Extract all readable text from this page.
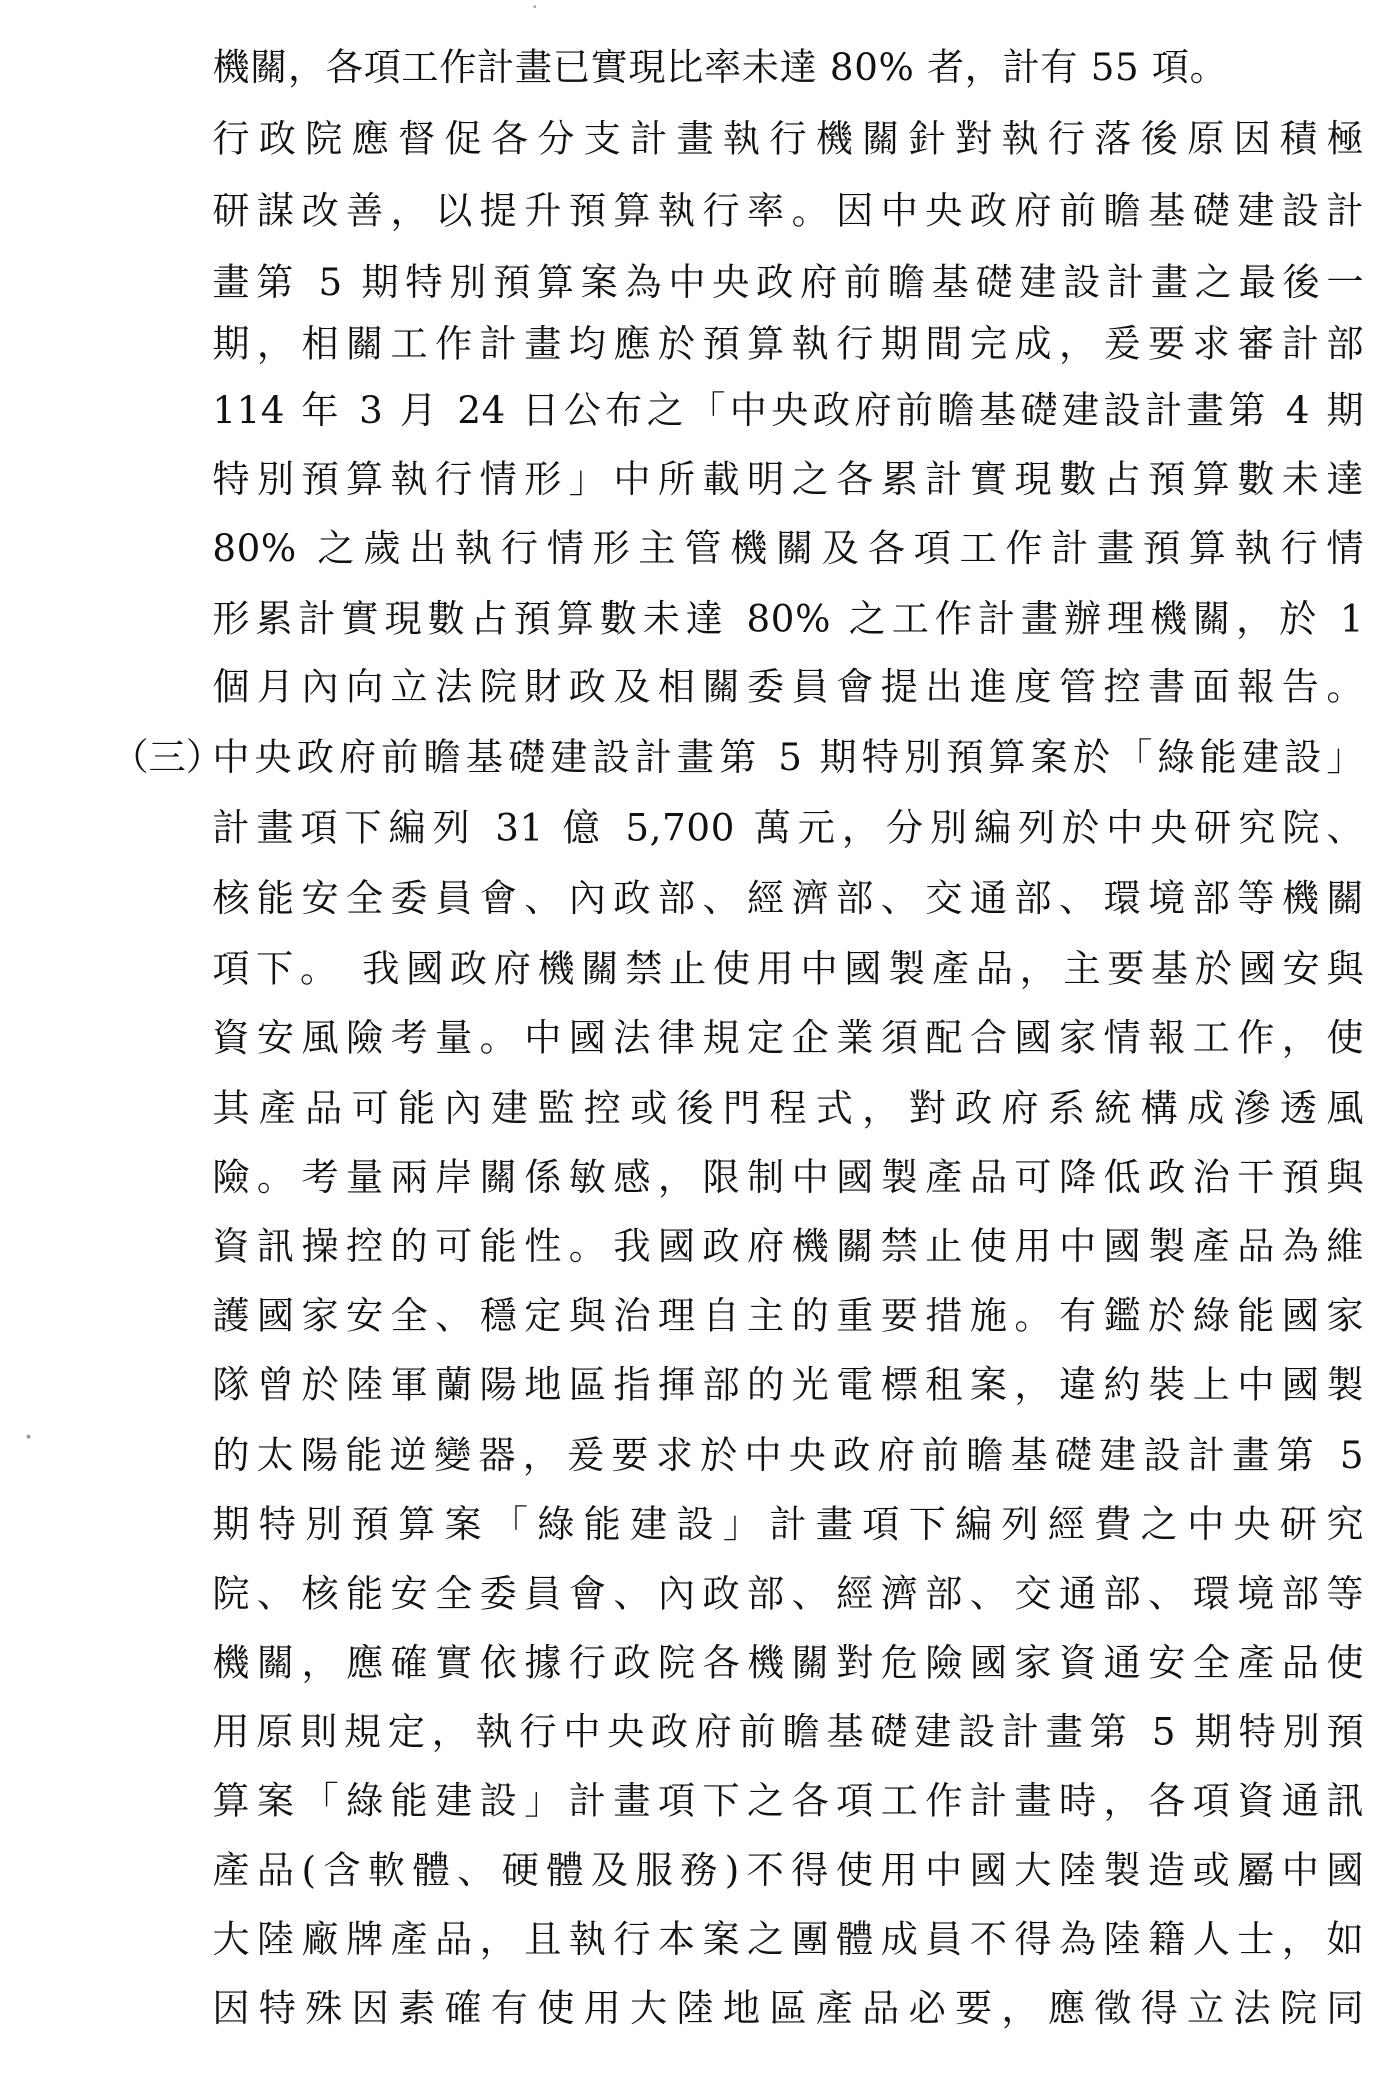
機關，各項工作計畫已實現比率未達 80% 者，計有 55 項。
行政院應督促各分支計畫執行機關針對執行落後原因積極
研謀改善，以提升預算執行率。因中央政府前瞻基礎建設計
畫第 5 期特別預算案為中央政府前瞻基礎建設計畫之最後一
期，相關工作計畫均應於預算執行期間完成，爰要求審計部
114 年 3 月 24 日公布之「中央政府前瞻基礎建設計畫第 4 期
特別預算執行情形」中所載明之各累計實現數占預算數未達
80% 之歲出執行情形主管機關及各項工作計畫預算執行情
形累計實現數占預算數未達 80% 之工作計畫辦理機關，於 1
個月內向立法院財政及相關委員會提出進度管控書面報告。
（三）
中央政府前瞻基礎建設計畫第 5 期特別預算案於「綠能建設」
計畫項下編列 31 億 5,700 萬元，分別編列於中央研究院、
核能安全委員會、內政部、經濟部、交通部、環境部等機關
項下。 我國政府機關禁止使用中國製產品，主要基於國安與
資安風險考量。中國法律規定企業須配合國家情報工作，使
其產品可能內建監控或後門程式，對政府系統構成滲透風
險。考量兩岸關係敏感，限制中國製產品可降低政治干預與
資訊操控的可能性。我國政府機關禁止使用中國製產品為維
護國家安全、穩定與治理自主的重要措施。有鑑於綠能國家
隊曾於陸軍蘭陽地區指揮部的光電標租案，違約裝上中國製
的太陽能逆變器，爰要求於中央政府前瞻基礎建設計畫第 5
期特別預算案「綠能建設」計畫項下編列經費之中央研究
院、核能安全委員會、內政部、經濟部、交通部、環境部等
機關，應確實依據行政院各機關對危險國家資通安全產品使
用原則規定，執行中央政府前瞻基礎建設計畫第 5 期特別預
算案「綠能建設」計畫項下之各項工作計畫時，各項資通訊
產品(含軟體、硬體及服務)不得使用中國大陸製造或屬中國
大陸廠牌產品，且執行本案之團體成員不得為陸籍人士，如
因特殊因素確有使用大陸地區產品必要，應徵得立法院同
